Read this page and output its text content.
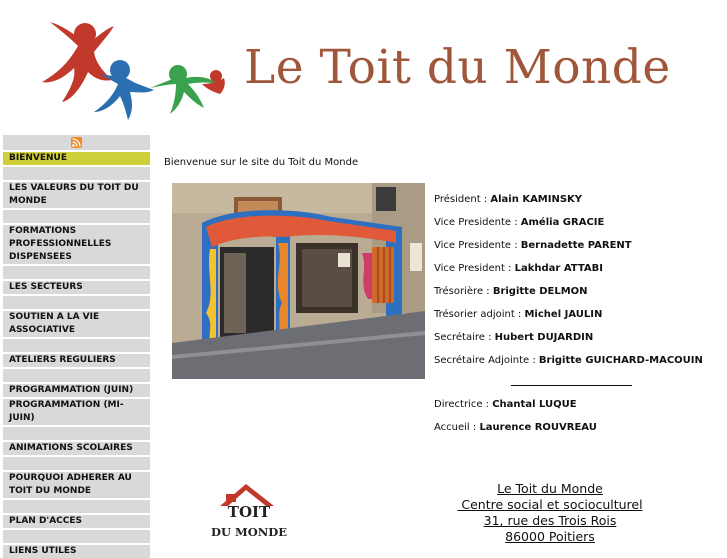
Le Toit du Monde
BIENVENUE
LES VALEURS DU TOIT DU
MONDE
FORMATIONS
PROFESSIONNELLES
DISPENSEES
LES SECTEURS
SOUTIEN A LA VIE
ASSOCIATIVE
ATELIERS REGULIERS
PROGRAMMATION (JUIN)
PROGRAMMATION (MI-JUIN)
ANIMATIONS SCOLAIRES
POURQUOI ADHERER AU
TOIT DU MONDE
PLAN D'ACCES
LIENS UTILES
Bienvenue sur le site du Toit du Monde
Président : Alain KAMINSKY
Vice Presidente : Amélia GRACIE
Vice Presidente : Bernadette PARENT
Vice President : Lakhdar ATTABI
Trésorière : Brigitte DELMON
Trésorier adjoint : Michel JAULIN
Secrétaire : Hubert DUJARDIN
Secrétaire Adjointe : Brigitte GUICHARD-MACOUIN
Directrice : Chantal LUQUE
Accueil : Laurence ROUVREAU
TOIT
DU MONDE
Le Toit du Monde
Centre social et socioculturel
31, rue des Trois Rois
86000 Poitiers
